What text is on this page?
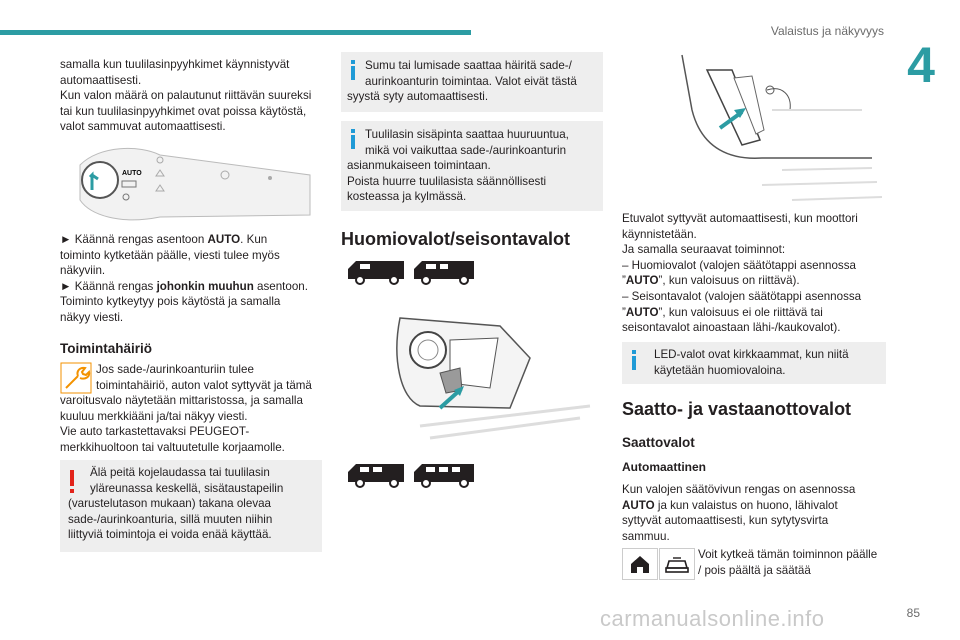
Valaistus ja näkyvyys
4
samalla kun tuulilasinpyyhkimet käynnistyvät
automaattisesti.
Kun valon määrä on palautunut riittävän suureksi
tai kun tuulilasinpyyhkimet ovat poissa käytöstä,
valot sammuvat automaattisesti.
AUTO
► Käännä rengas asentoon AUTO. Kun
toiminto kytketään päälle, viesti tulee myös
näkyviin.
► Käännä rengas johonkin muuhun asentoon.
Toiminto kytkeytyy pois käytöstä ja samalla
näkyy viesti.
Toimintahäiriö
Jos sade-/aurinkoanturiin tulee
toimintahäiriö, auton valot syttyvät ja tämä
varoitusvalo näytetään mittaristossa, ja samalla
kuuluu merkkiääni ja/tai näkyy viesti.
Vie auto tarkastettavaksi PEUGEOT-
merkkihuoltoon tai valtuutetulle korjaamolle.
Älä peitä kojelaudassa tai tuulilasin
yläreunassa keskellä, sisätaustapeilin
(varustelutason mukaan) takana olevaa
sade-/aurinkoanturia, sillä muuten niihin
liittyviä toimintoja ei voida enää käyttää.
Sumu tai lumisade saattaa häiritä sade-/
aurinkoanturin toimintaa. Valot eivät tästä
syystä syty automaattisesti.
Tuulilasin sisäpinta saattaa huuruuntua,
mikä voi vaikuttaa sade-/aurinkoanturin
asianmukaiseen toimintaan.
Poista huurre tuulilasista säännöllisesti
kosteassa ja kylmässä.
Huomiovalot/seisontavalot
Etuvalot syttyvät automaattisesti, kun moottori
käynnistetään.
Ja samalla seuraavat toiminnot:
– Huomiovalot (valojen säätötappi asennossa
”AUTO”, kun valoisuus on riittävä).
– Seisontavalot (valojen säätötappi asennossa
”AUTO”, kun valoisuus ei ole riittävä tai
seisontavalot ainoastaan lähi-/kaukovalot).
LED-valot ovat kirkkaammat, kun niitä
käytetään huomiovaloina.
Saatto- ja vastaanottovalot
Saattovalot
Automaattinen
Kun valojen säätövivun rengas on asennossa
AUTO ja kun valaistus on huono, lähivalot
syttyvät automaattisesti, kun sytytysvirta
sammuu.
Voit kytkeä tämän toiminnon päälle
/ pois päältä ja säätää
carmanualsonline.info	85
